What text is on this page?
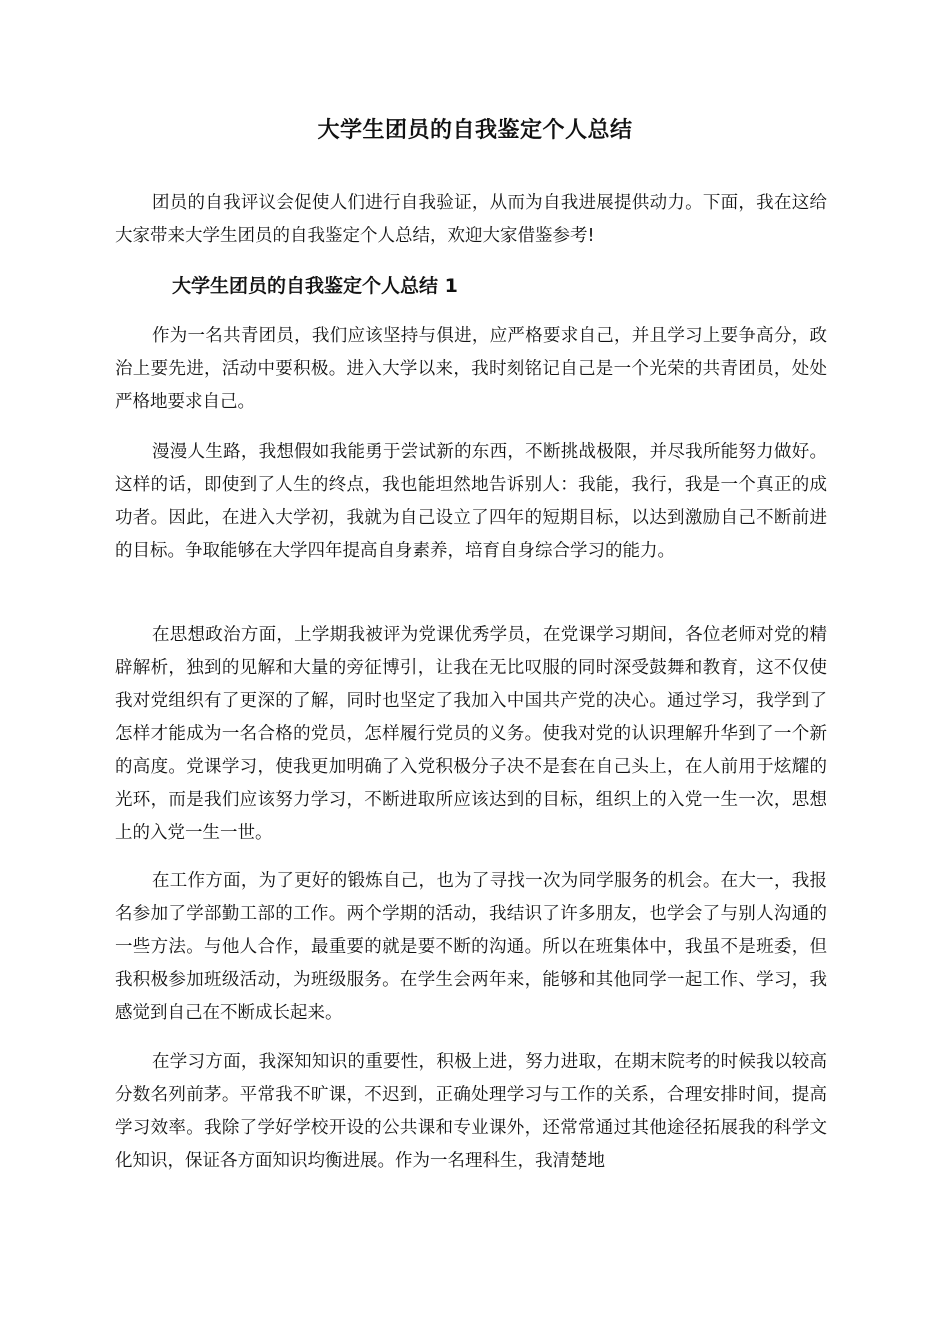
大学生团员的自我鉴定个人总结

团员的自我评议会促使人们进行自我验证，从而为自我进展提供动力。下面，我在这给大家带来大学生团员的自我鉴定个人总结，欢迎大家借鉴参考!

大学生团员的自我鉴定个人总结 1

作为一名共青团员，我们应该坚持与俱进，应严格要求自己，并且学习上要争高分，政治上要先进，活动中要积极。进入大学以来，我时刻铭记自己是一个光荣的共青团员，处处严格地要求自己。

漫漫人生路，我想假如我能勇于尝试新的东西，不断挑战极限，并尽我所能努力做好。这样的话，即使到了人生的终点，我也能坦然地告诉别人：我能，我行，我是一个真正的成功者。因此，在进入大学初，我就为自己设立了四年的短期目标，以达到激励自己不断前进的目标。争取能够在大学四年提高自身素养，培育自身综合学习的能力。

在思想政治方面，上学期我被评为党课优秀学员，在党课学习期间，各位老师对党的精辟解析，独到的见解和大量的旁征博引，让我在无比叹服的同时深受鼓舞和教育，这不仅使我对党组织有了更深的了解，同时也坚定了我加入中国共产党的决心。通过学习，我学到了怎样才能成为一名合格的党员，怎样履行党员的义务。使我对党的认识理解升华到了一个新的高度。党课学习，使我更加明确了入党积极分子决不是套在自己头上，在人前用于炫耀的光环，而是我们应该努力学习，不断进取所应该达到的目标，组织上的入党一生一次，思想上的入党一生一世。

在工作方面，为了更好的锻炼自己，也为了寻找一次为同学服务的机会。在大一，我报名参加了学部勤工部的工作。两个学期的活动，我结识了许多朋友，也学会了与别人沟通的一些方法。与他人合作，最重要的就是要不断的沟通。所以在班集体中，我虽不是班委，但我积极参加班级活动，为班级服务。在学生会两年来，能够和其他同学一起工作、学习，我感觉到自己在不断成长起来。

在学习方面，我深知知识的重要性，积极上进，努力进取，在期末院考的时候我以较高分数名列前茅。平常我不旷课，不迟到，正确处理学习与工作的关系，合理安排时间，提高学习效率。我除了学好学校开设的公共课和专业课外，还常常通过其他途径拓展我的科学文化知识，保证各方面知识均衡进展。作为一名理科生，我清楚地
